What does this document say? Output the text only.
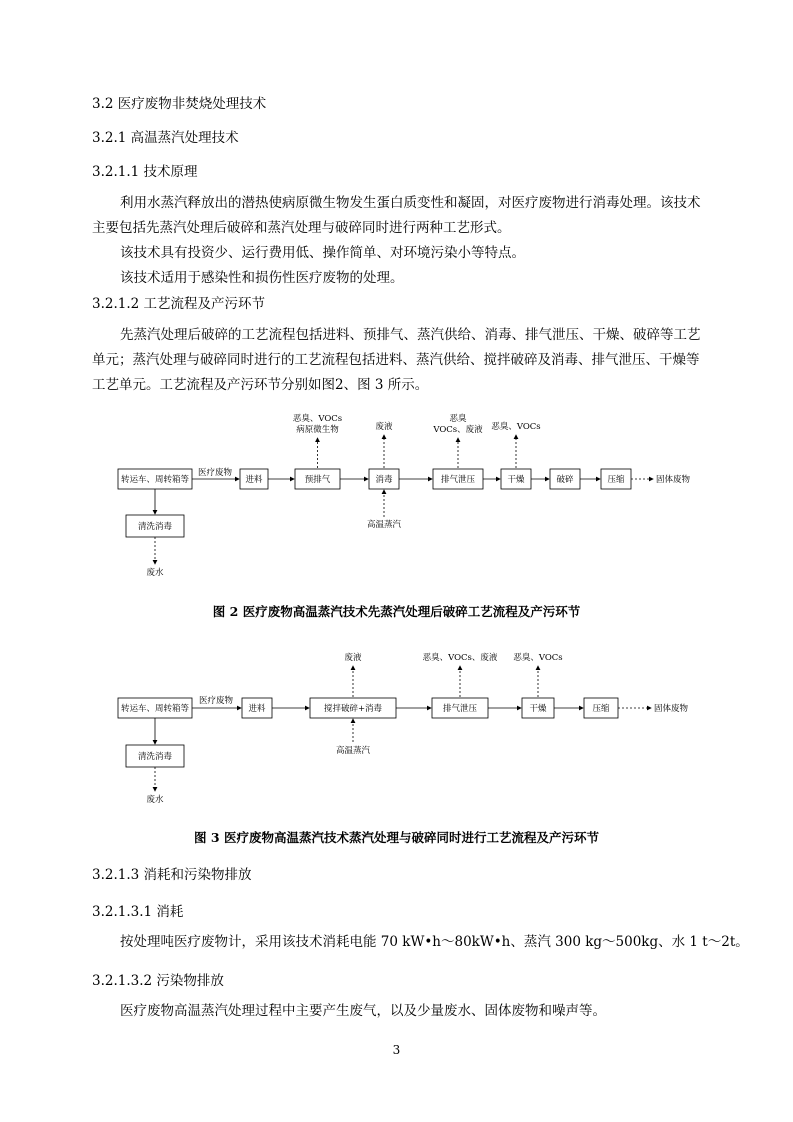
3.2 医疗废物非焚烧处理技术
3.2.1 高温蒸汽处理技术
3.2.1.1 技术原理
利用水蒸汽释放出的潜热使病原微生物发生蛋白质变性和凝固，对医疗废物进行消毒处理。该技术
主要包括先蒸汽处理后破碎和蒸汽处理与破碎同时进行两种工艺形式。
该技术具有投资少、运行费用低、操作简单、对环境污染小等特点。
该技术适用于感染性和损伤性医疗废物的处理。
3.2.1.2 工艺流程及产污环节
先蒸汽处理后破碎的工艺流程包括进料、预排气、蒸汽供给、消毒、排气泄压、干燥、破碎等工艺
单元；蒸汽处理与破碎同时进行的工艺流程包括进料、蒸汽供给、搅拌破碎及消毒、排气泄压、干燥等
工艺单元。工艺流程及产污环节分别如图2、图 3 所示。
转运车、周转箱等	进料	预排气	消毒	排气泄压	干燥	破碎	压缩
清洗消毒
医疗废物
固体废物
废水
高温蒸汽
恶臭、VOCs
病原微生物	废液
恶臭
VOCs、废液 恶臭、VOCs
图 2 医疗废物高温蒸汽技术先蒸汽处理后破碎工艺流程及产污环节
转运车、周转箱等	进料	搅拌破碎+消毒	排气泄压	干燥	压缩
清洗消毒
医疗废物
固体废物
废水
高温蒸汽
废液	恶臭、VOCs、废液 恶臭、VOCs
图 3 医疗废物高温蒸汽技术蒸汽处理与破碎同时进行工艺流程及产污环节
3.2.1.3 消耗和污染物排放
3.2.1.3.1 消耗
按处理吨医疗废物计，采用该技术消耗电能 70 kW•h～80kW•h、蒸汽 300 kg～500kg、水 1 t～2t。
3.2.1.3.2 污染物排放
医疗废物高温蒸汽处理过程中主要产生废气，以及少量废水、固体废物和噪声等。
3
